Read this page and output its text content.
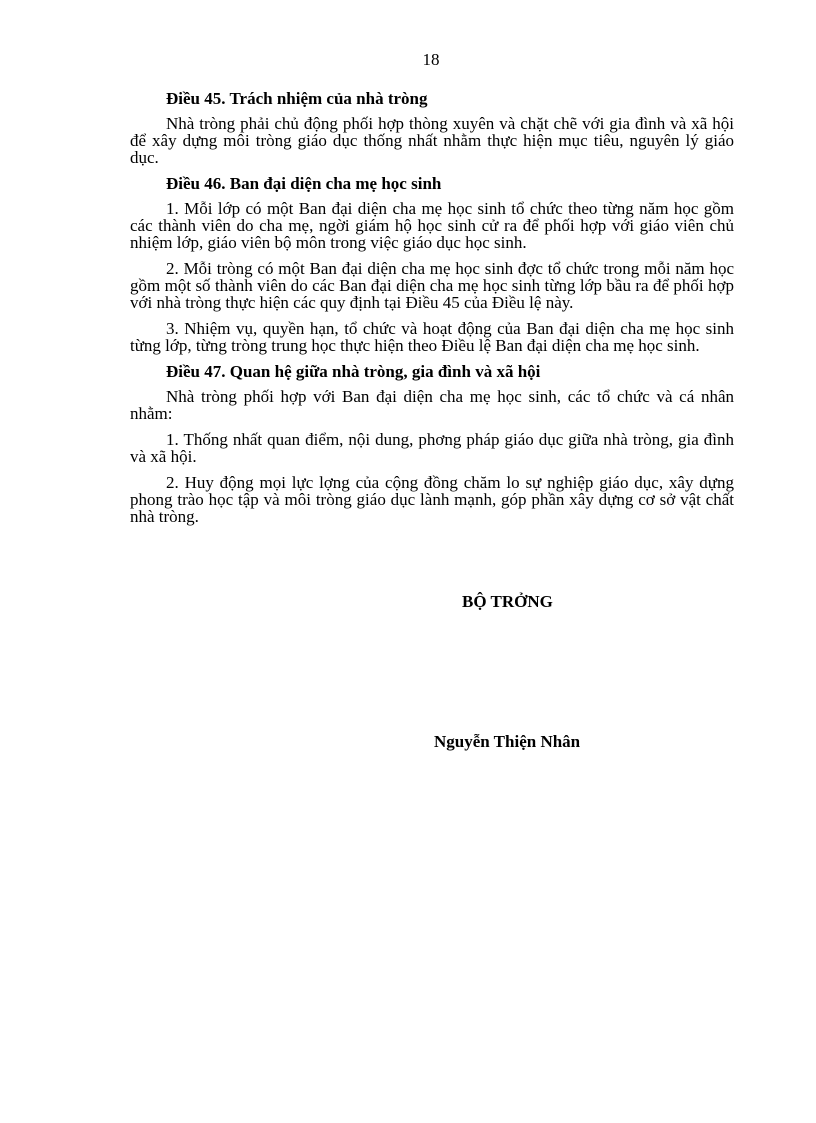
18
Điều 45. Trách nhiệm của nhà tròng

Nhà tròng phải chủ động phối hợp thòng xuyên và chặt chẽ với gia đình và xã hội để xây dựng môi tròng giáo dục thống nhất nhằm thực hiện mục tiêu, nguyên lý giáo dục.

Điều 46. Ban đại diện cha mẹ học sinh

1. Mỗi lớp có một Ban đại diện cha mẹ học sinh tổ chức theo từng năm học gồm các thành viên do cha mẹ, ngời giám hộ học sinh cử ra để phối hợp với giáo viên chủ nhiệm lớp, giáo viên bộ môn trong việc giáo dục học sinh.

2. Mỗi tròng có một Ban đại diện cha mẹ học sinh đợc tổ chức trong mỗi năm học gồm một số thành viên do các Ban đại diện cha mẹ học sinh từng lớp bầu ra để phối hợp với nhà tròng thực hiện các quy định tại Điều 45 của Điều lệ này.

3. Nhiệm vụ, quyền hạn, tổ chức và hoạt động của Ban đại diện cha mẹ học sinh từng lớp, từng tròng trung học thực hiện theo Điều lệ Ban đại diện cha mẹ học sinh.

Điều 47. Quan hệ giữa nhà tròng, gia đình và xã hội

Nhà tròng phối hợp với Ban đại diện cha mẹ học sinh, các tổ chức và cá nhân nhằm:

1. Thống nhất quan điểm, nội dung, phơng pháp giáo dục giữa nhà tròng, gia đình và xã hội.

2. Huy động mọi lực lợng của cộng đồng chăm lo sự nghiệp giáo dục, xây dựng phong trào học tập và môi tròng giáo dục lành mạnh, góp phần xây dựng cơ sở vật chất nhà tròng.

BỘ TRỞNG
Nguyễn Thiện Nhân
